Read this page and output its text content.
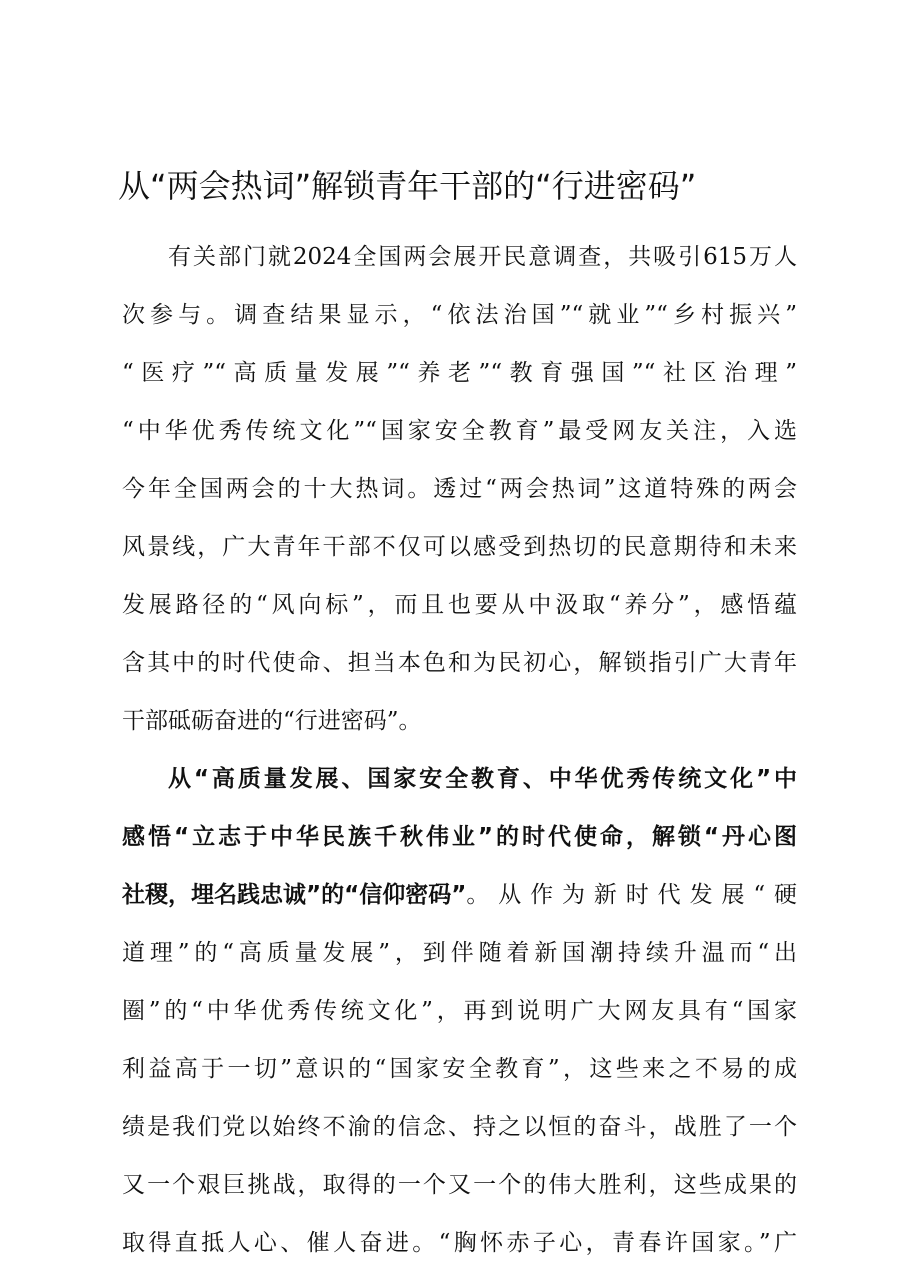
从“两会热词”解锁青年干部的“行进密码”
有关部门就2024全国两会展开民意调查，共吸引615万人
次参与。调查结果显示，“依法治国”“就业”“乡村振兴”
“医疗”“高质量发展”“养老”“教育强国”“社区治理”
“中华优秀传统文化”“国家安全教育”最受网友关注，入选
今年全国两会的十大热词。透过“两会热词”这道特殊的两会
风景线，广大青年干部不仅可以感受到热切的民意期待和未来
发展路径的“风向标”，而且也要从中汲取“养分”，感悟蕴
含其中的时代使命、担当本色和为民初心，解锁指引广大青年
干部砥砺奋进的“行进密码”。
从“高质量发展、国家安全教育、中华优秀传统文化”中
感悟“立志于中华民族千秋伟业”的时代使命，解锁“丹心图
社稷，埋名践忠诚”的“信仰密码” 。从作为新时代发展“硬
道理”的“高质量发展”，到伴随着新国潮持续升温而“出
圈”的“中华优秀传统文化”，再到说明广大网友具有“国家
利益高于一切”意识的“国家安全教育”，这些来之不易的成
绩是我们党以始终不渝的信念、持之以恒的奋斗，战胜了一个
又一个艰巨挑战，取得的一个又一个的伟大胜利，这些成果的
取得直抵人心、催人奋进。“胸怀赤子心，青春许国家。”广
